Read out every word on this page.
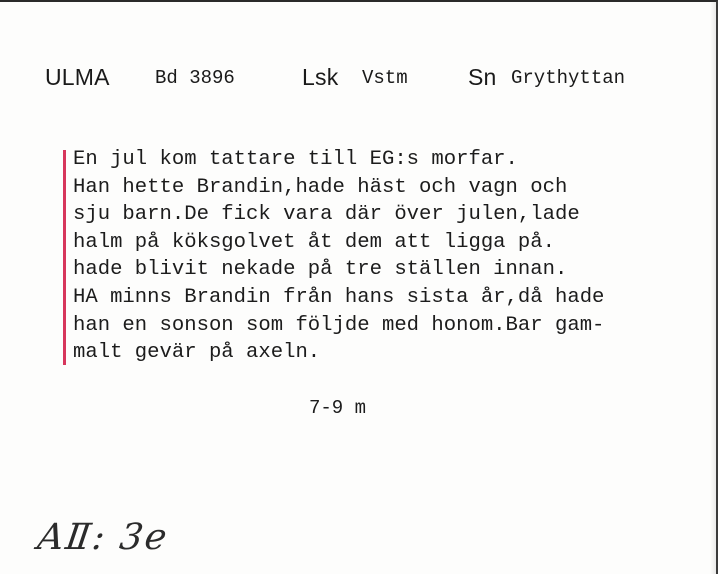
ULMA Bd 3896	Lsk Vstm	Sn Grythyttan
En jul kom tattare till EG:s morfar.
Han hette Brandin,hade häst och vagn och
sju barn.De fick vara där över julen,lade
halm på köksgolvet åt dem att ligga på.
hade blivit nekade på tre ställen innan.
HA minns Brandin från hans sista år,då hade
han en sonson som följde med honom.Bar gam-
malt gevär på axeln.
7-9 m
AⅡ: 3e
